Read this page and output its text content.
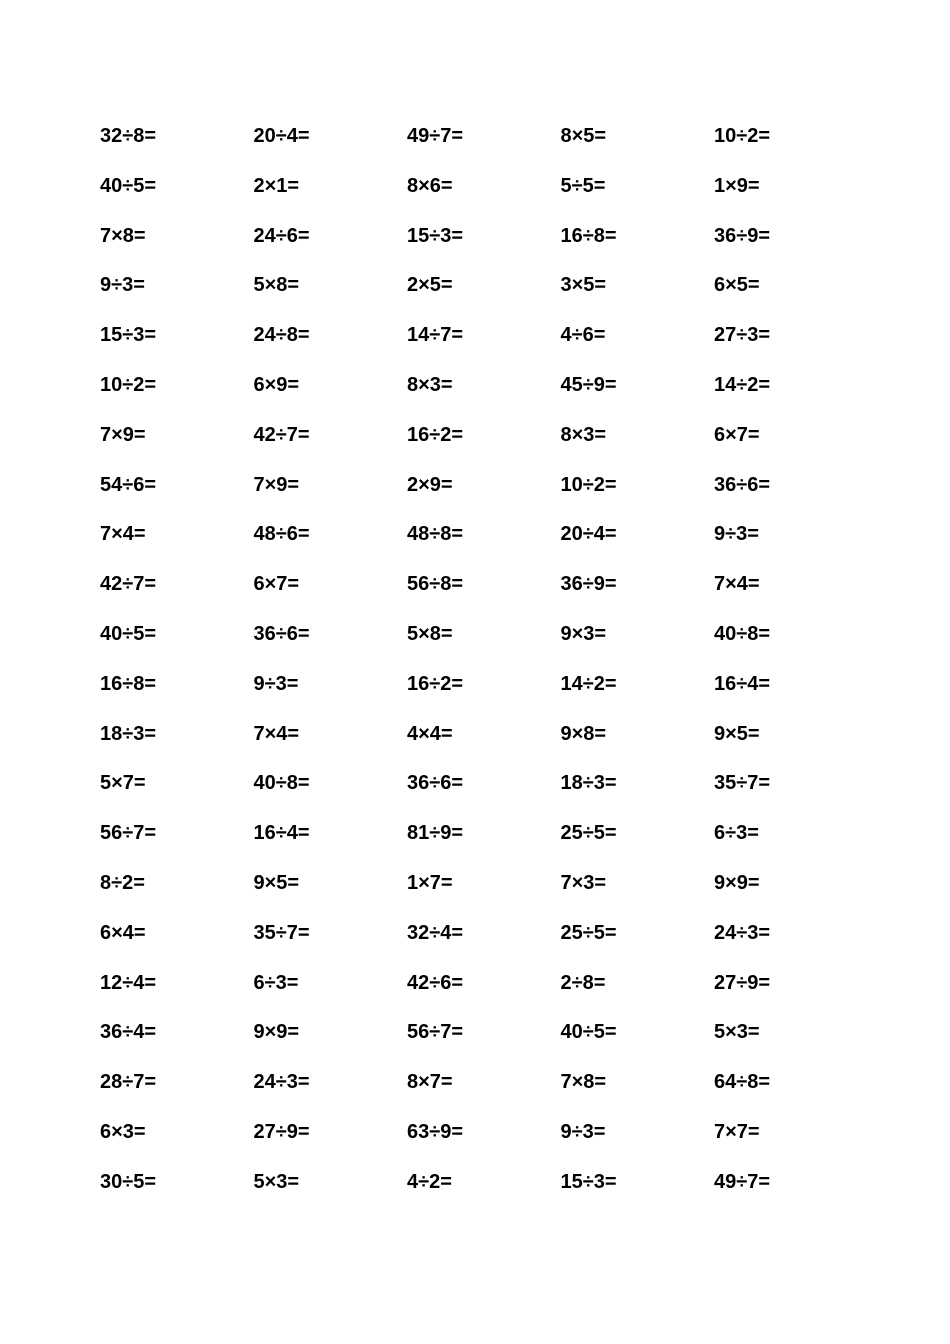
32÷8=	20÷4=	49÷7=	8×5=	10÷2=
40÷5=	2×1=	8×6=	5÷5=	1×9=
7×8=	24÷6=	15÷3=	16÷8=	36÷9=
9÷3=	5×8=	2×5=	3×5=	6×5=
15÷3=	24÷8=	14÷7=	4÷6=	27÷3=
10÷2=	6×9=	8×3=	45÷9=	14÷2=
7×9=	42÷7=	16÷2=	8×3=	6×7=
54÷6=	7×9=	2×9=	10÷2=	36÷6=
7×4=	48÷6=	48÷8=	20÷4=	9÷3=
42÷7=	6×7=	56÷8=	36÷9=	7×4=
40÷5=	36÷6=	5×8=	9×3=	40÷8=
16÷8=	9÷3=	16÷2=	14÷2=	16÷4=
18÷3=	7×4=	4×4=	9×8=	9×5=
5×7=	40÷8=	36÷6=	18÷3=	35÷7=
56÷7=	16÷4=	81÷9=	25÷5=	6÷3=
8÷2=	9×5=	1×7=	7×3=	9×9=
6×4=	35÷7=	32÷4=	25÷5=	24÷3=
12÷4=	6÷3=	42÷6=	2÷8=	27÷9=
36÷4=	9×9=	56÷7=	40÷5=	5×3=
28÷7=	24÷3=	8×7=	7×8=	64÷8=
6×3=	27÷9=	63÷9=	9÷3=	7×7=
30÷5=	5×3=	4÷2=	15÷3=	49÷7=
